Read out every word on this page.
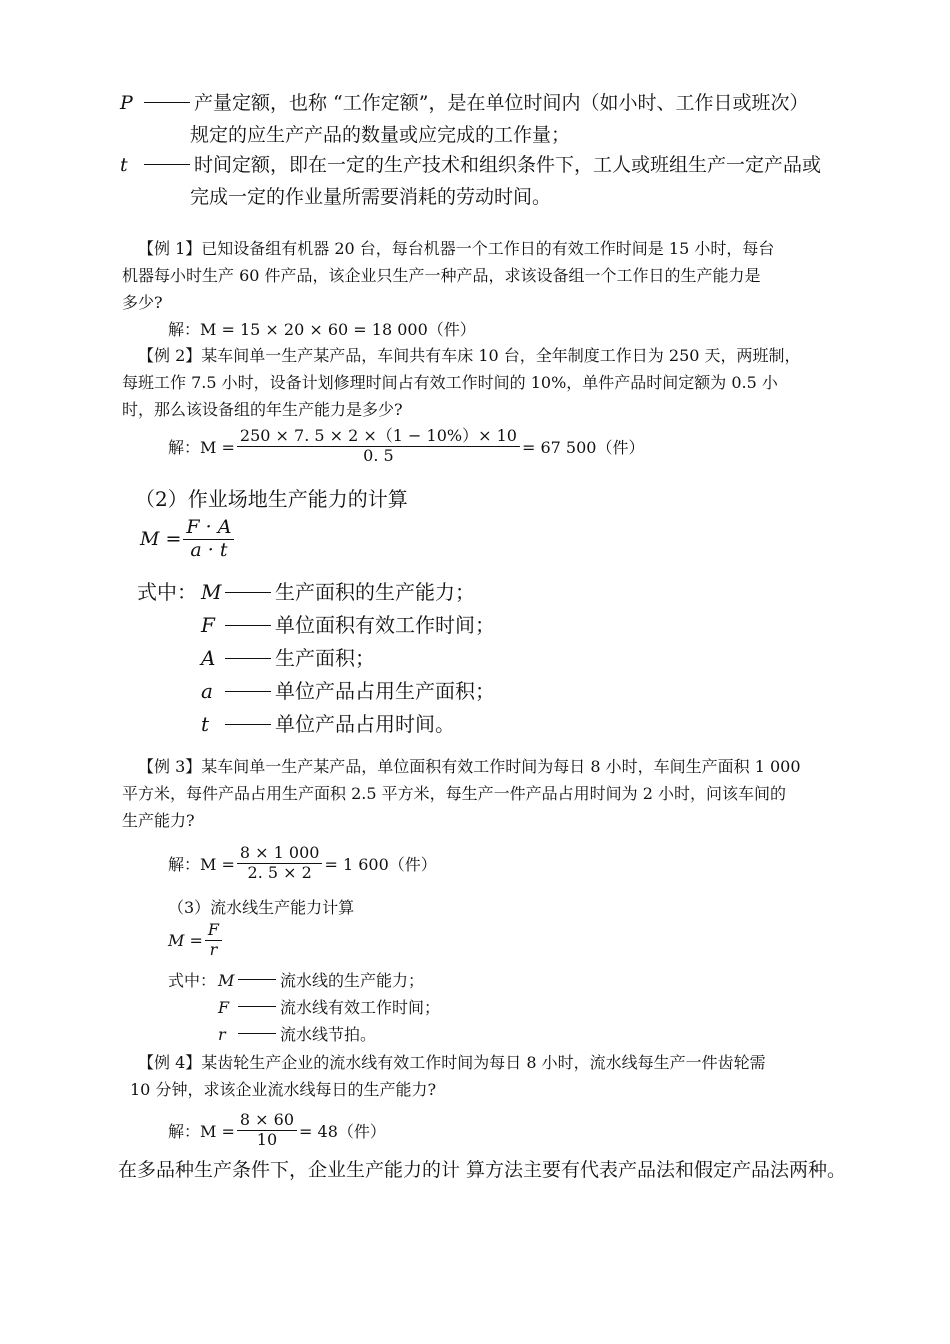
P	产量定额，也称 “工作定额”，是在单位时间内（如小时、工作日或班次）
规定的应生产产品的数量或应完成的工作量；
t	时间定额，即在一定的生产技术和组织条件下，工人或班组生产一定产品或
完成一定的作业量所需要消耗的劳动时间。
【例 1】已知设备组有机器 20 台，每台机器一个工作日的有效工作时间是 15 小时，每台
机器每小时生产 60 件产品，该企业只生产一种产品，求该设备组一个工作日的生产能力是
多少?
解：M = 15 × 20 × 60 = 18 000（件）
【例 2】某车间单一生产某产品，车间共有车床 10 台，全年制度工作日为 250 天，两班制，
每班工作 7.5 小时，设备计划修理时间占有效工作时间的 10%，单件产品时间定额为 0.5 小
时，那么该设备组的年生产能力是多少?
解：$M = \frac{250 \times 7. 5 \times 2 \times(1 - 10\%)\times 10}{0. 5} = 67$ 500（件）
（2）作业场地生产能力的计算
$M = \frac{F \cdot A}{a \cdot t}$
式中： M	生产面积的生产能力；
F	单位面积有效工作时间；
A	生产面积；
a	单位产品占用生产面积；
t	单位产品占用时间。
【例 3】某车间单一生产某产品，单位面积有效工作时间为每日 8 小时，车间生产面积 1 000
平方米，每件产品占用生产面积 2.5 平方米，每生产一件产品占用时间为 2 小时，问该车间的
生产能力?
解：$M = \frac{8 \times 1 000}{2. 5 \times 2} = 1$ 600（件）
（3）流水线生产能力计算
$M = \frac{F}{r}$
式中： M	流水线的生产能力；
F	流水线有效工作时间；
r	流水线节拍。
【例 4】某齿轮生产企业的流水线有效工作时间为每日 8 小时，流水线每生产一件齿轮需
10 分钟，求该企业流水线每日的生产能力?
解：$M = \frac{8 \times 60}{10} = 48$（件）
在多品种生产条件下，企业生产能力的计 算方法主要有代表产品法和假定产品法两种。
